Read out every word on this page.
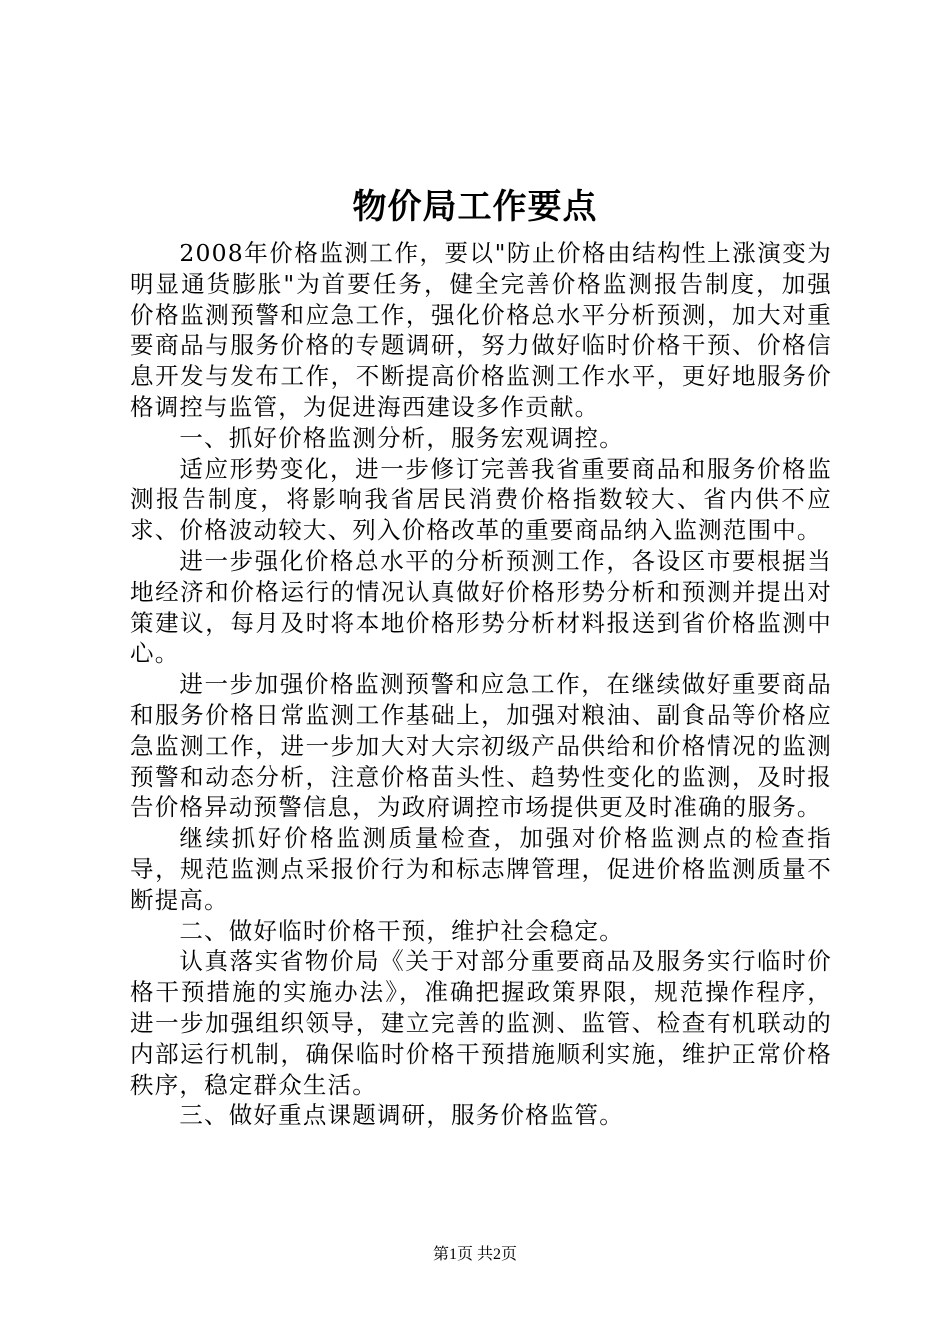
物价局工作要点

2008年价格监测工作，要以"防止价格由结构性上涨演变为明显通货膨胀"为首要任务，健全完善价格监测报告制度，加强价格监测预警和应急工作，强化价格总水平分析预测，加大对重要商品与服务价格的专题调研，努力做好临时价格干预、价格信息开发与发布工作，不断提高价格监测工作水平，更好地服务价格调控与监管，为促进海西建设多作贡献。

一、抓好价格监测分析，服务宏观调控。

适应形势变化，进一步修订完善我省重要商品和服务价格监测报告制度，将影响我省居民消费价格指数较大、省内供不应求、价格波动较大、列入价格改革的重要商品纳入监测范围中。

进一步强化价格总水平的分析预测工作，各设区市要根据当地经济和价格运行的情况认真做好价格形势分析和预测并提出对策建议，每月及时将本地价格形势分析材料报送到省价格监测中心。

进一步加强价格监测预警和应急工作，在继续做好重要商品和服务价格日常监测工作基础上，加强对粮油、副食品等价格应急监测工作，进一步加大对大宗初级产品供给和价格情况的监测预警和动态分析，注意价格苗头性、趋势性变化的监测，及时报告价格异动预警信息，为政府调控市场提供更及时准确的服务。

继续抓好价格监测质量检查，加强对价格监测点的检查指导，规范监测点采报价行为和标志牌管理，促进价格监测质量不断提高。

二、做好临时价格干预，维护社会稳定。

认真落实省物价局《关于对部分重要商品及服务实行临时价格干预措施的实施办法》，准确把握政策界限，规范操作程序，进一步加强组织领导，建立完善的监测、监管、检查有机联动的内部运行机制，确保临时价格干预措施顺利实施，维护正常价格秩序，稳定群众生活。

三、做好重点课题调研，服务价格监管。

第1页 共2页
